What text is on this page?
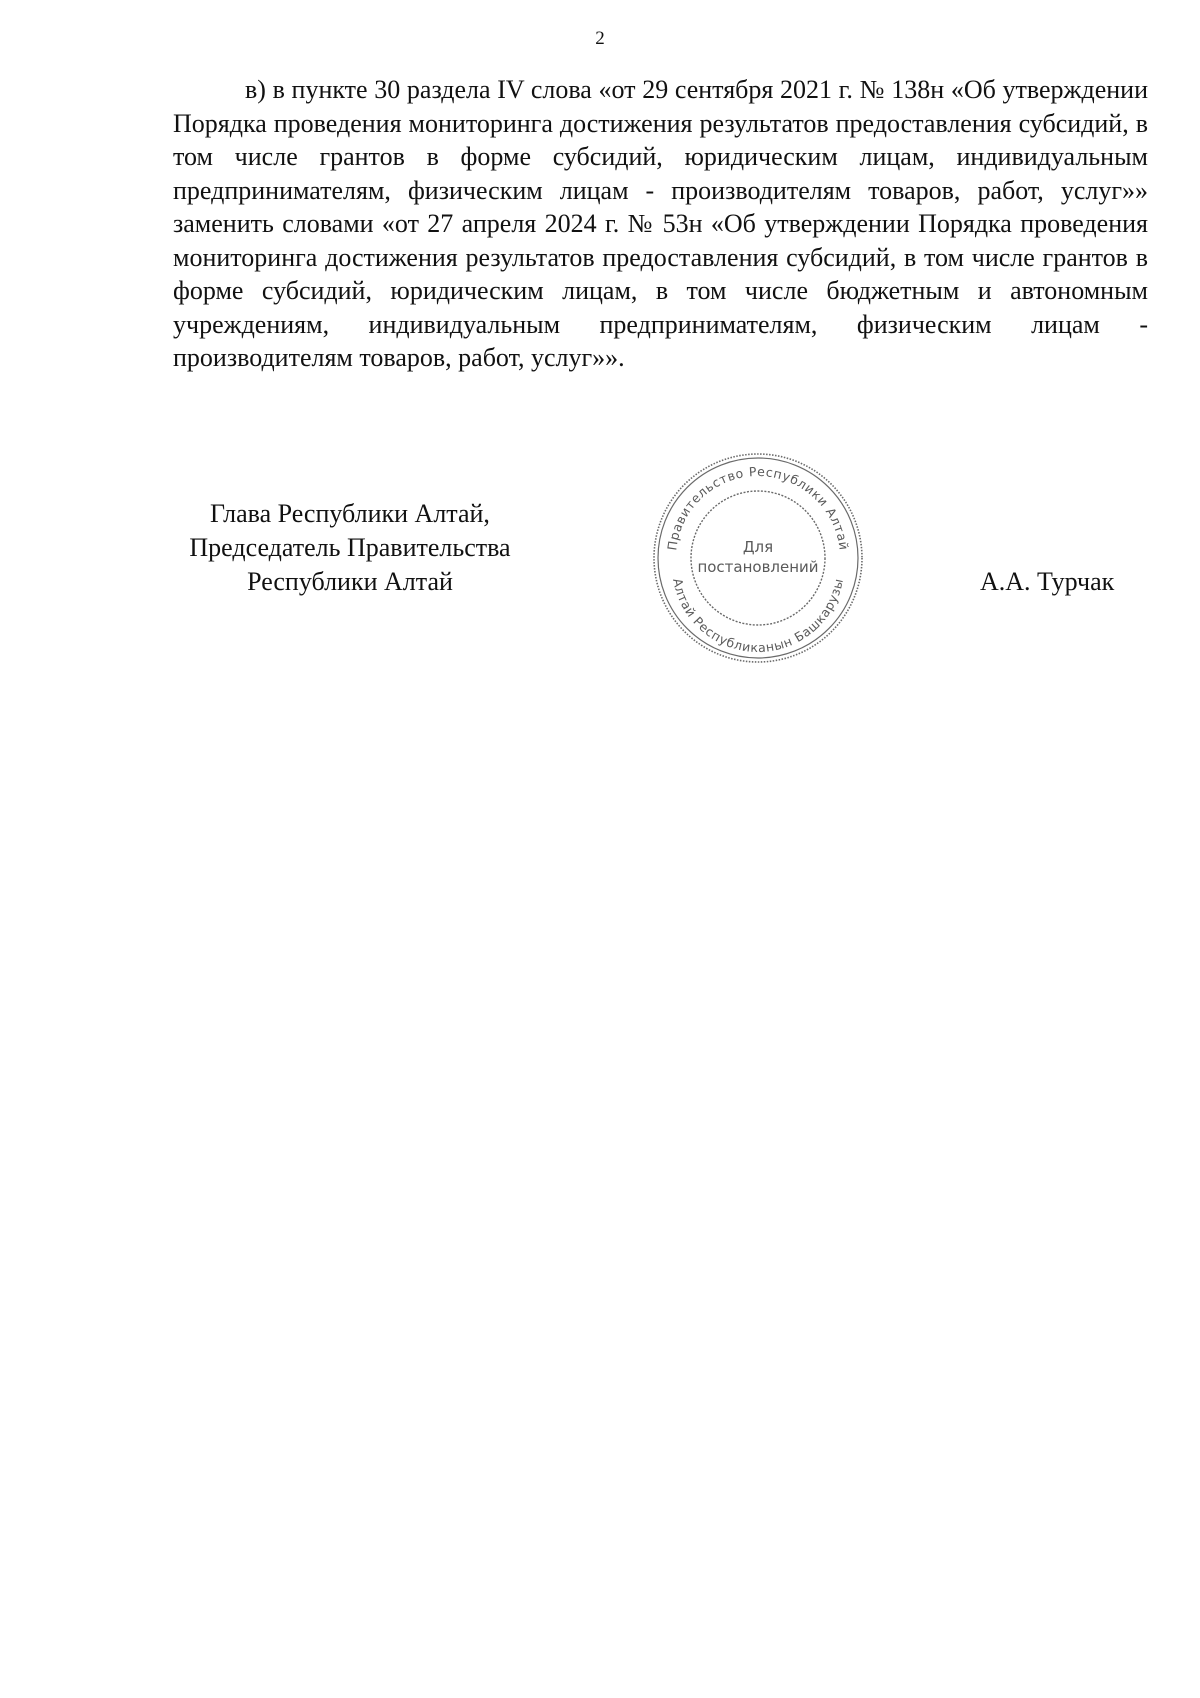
2

в) в пункте 30 раздела IV слова «от 29 сентября 2021 г. № 138н «Об утверждении Порядка проведения мониторинга достижения результатов предоставления субсидий, в том числе грантов в форме субсидий, юридическим лицам, индивидуальным предпринимателям, физическим лицам - производителям товаров, работ, услуг»» заменить словами «от 27 апреля 2024 г. № 53н «Об утверждении Порядка проведения мониторинга достижения результатов предоставления субсидий, в том числе грантов в форме субсидий, юридическим лицам, в том числе бюджетным и автономным учреждениям, индивидуальным предпринимателям, физическим лицам - производителям товаров, работ, услуг»».

Глава Республики Алтай,
Председатель Правительства
Республики Алтай
Правительство Республики Алтай
Алтай Республиканын Башкарузы
Для
постановлений	А.А. Турчак
